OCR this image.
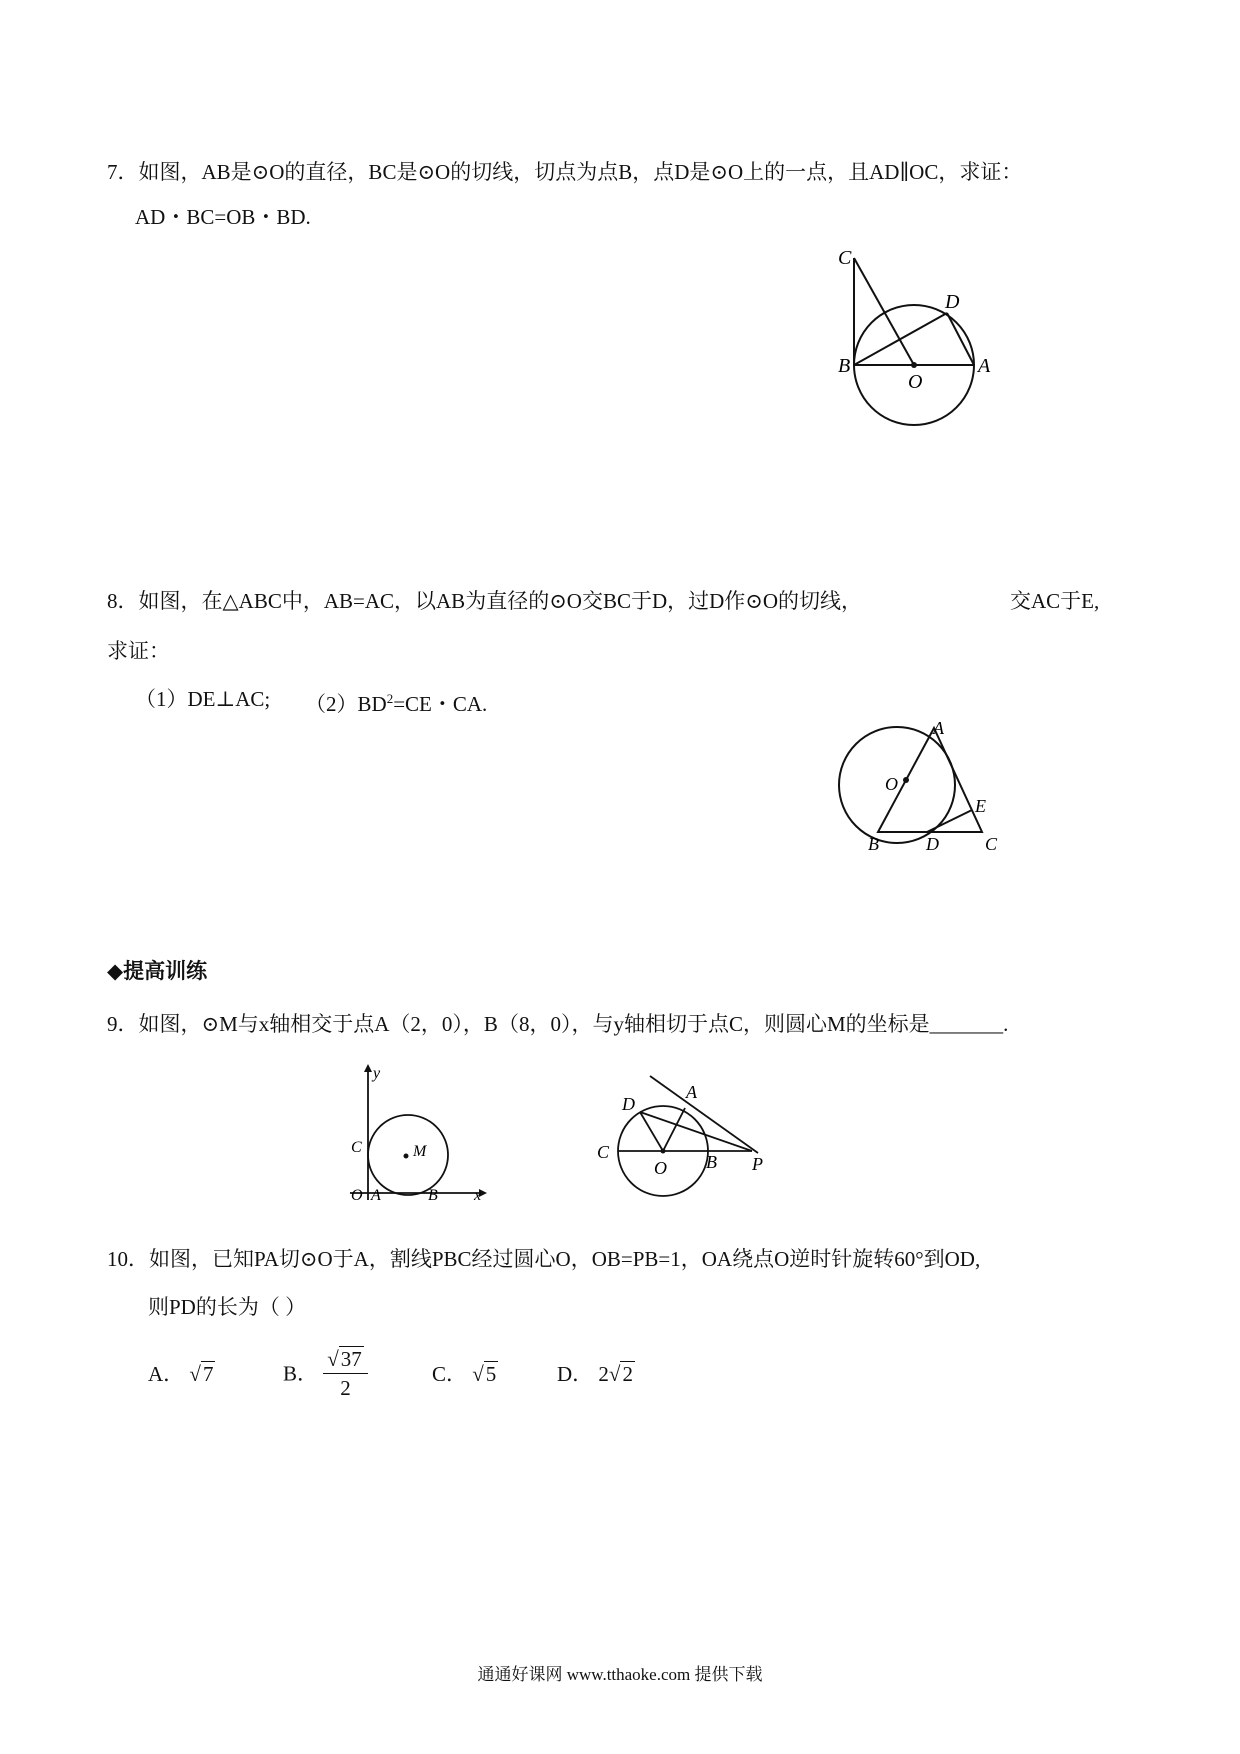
7．如图，AB是⊙O的直径，BC是⊙O的切线，切点为点B，点D是⊙O上的一点，且AD∥OC，求证：
AD・BC=OB・BD.
C
D
B
O
A
8．如图，在△ABC中，AB=AC，以AB为直径的⊙O交BC于D，过D作⊙O的切线，	交AC于E,
求证：
（1）DE⊥AC; $(2)BD^2=CE$・CA.
A
O
E
B	D	C
◆提高训练
9．如图，⊙M与x轴相交于点A（2，0），B（8，0），与y轴相切于点C，则圆心M的坐标是_______.
y
x
C	M
O A	B
D
A
C
O B P
10．如图，已知PA切⊙O于A，割线PBC经过圆心O，OB=PB=1，OA绕点O逆时针旋转60°到OD,
则PD的长为（ ）
A． √7	B． $\frac{√37}{2}$	C． √5	D． 2√2
通通好课网 www.tthaoke.com 提供下载
